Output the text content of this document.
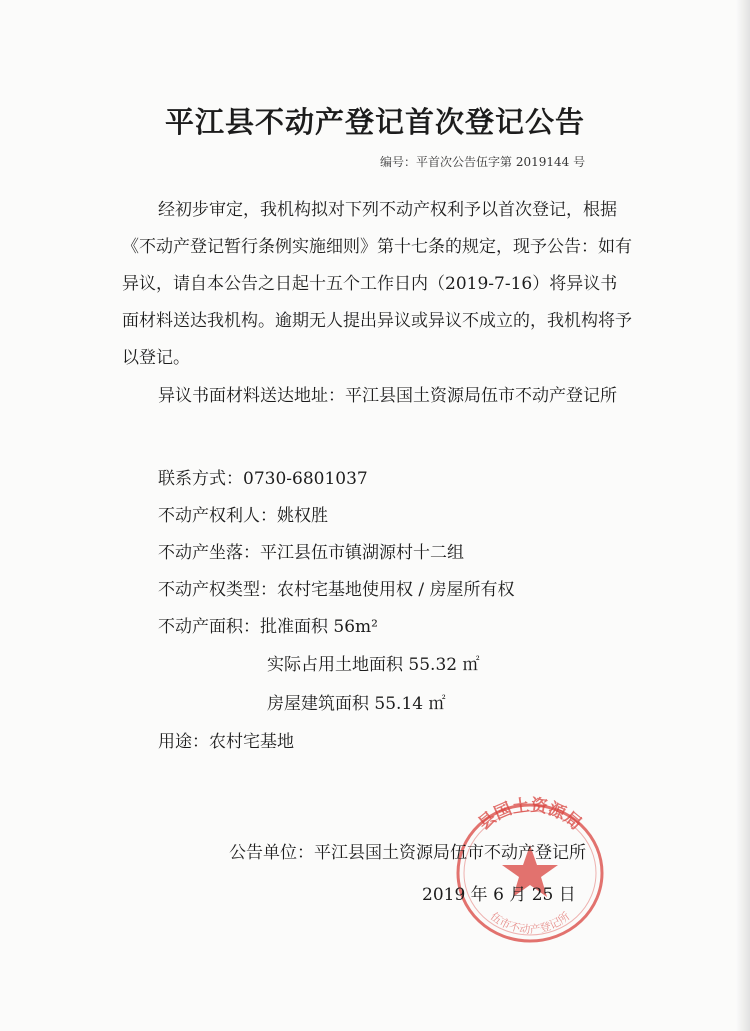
平江县不动产登记首次登记公告
编号：平首次公告伍字第 2019144 号
经初步审定，我机构拟对下列不动产权利予以首次登记，根据《不动产登记暂行条例实施细则》第十七条的规定，现予公告：如有异议，请自本公告之日起十五个工作日内（2019-7-16）将异议书面材料送达我机构。逾期无人提出异议或异议不成立的，我机构将予以登记。
异议书面材料送达地址：平江县国土资源局伍市不动产登记所
联系方式：0730-6801037
不动产权利人：姚权胜
不动产坐落：平江县伍市镇湖源村十二组
不动产权类型：农村宅基地使用权 / 房屋所有权
不动产面积：批准面积 56m²
实际占用土地面积 55.32 ㎡
房屋建筑面积 55.14 ㎡
用途：农村宅基地
县国土资源局
伍市不动产登记所
公告单位：平江县国土资源局伍市不动产登记所
2019 年 6 月 25 日
